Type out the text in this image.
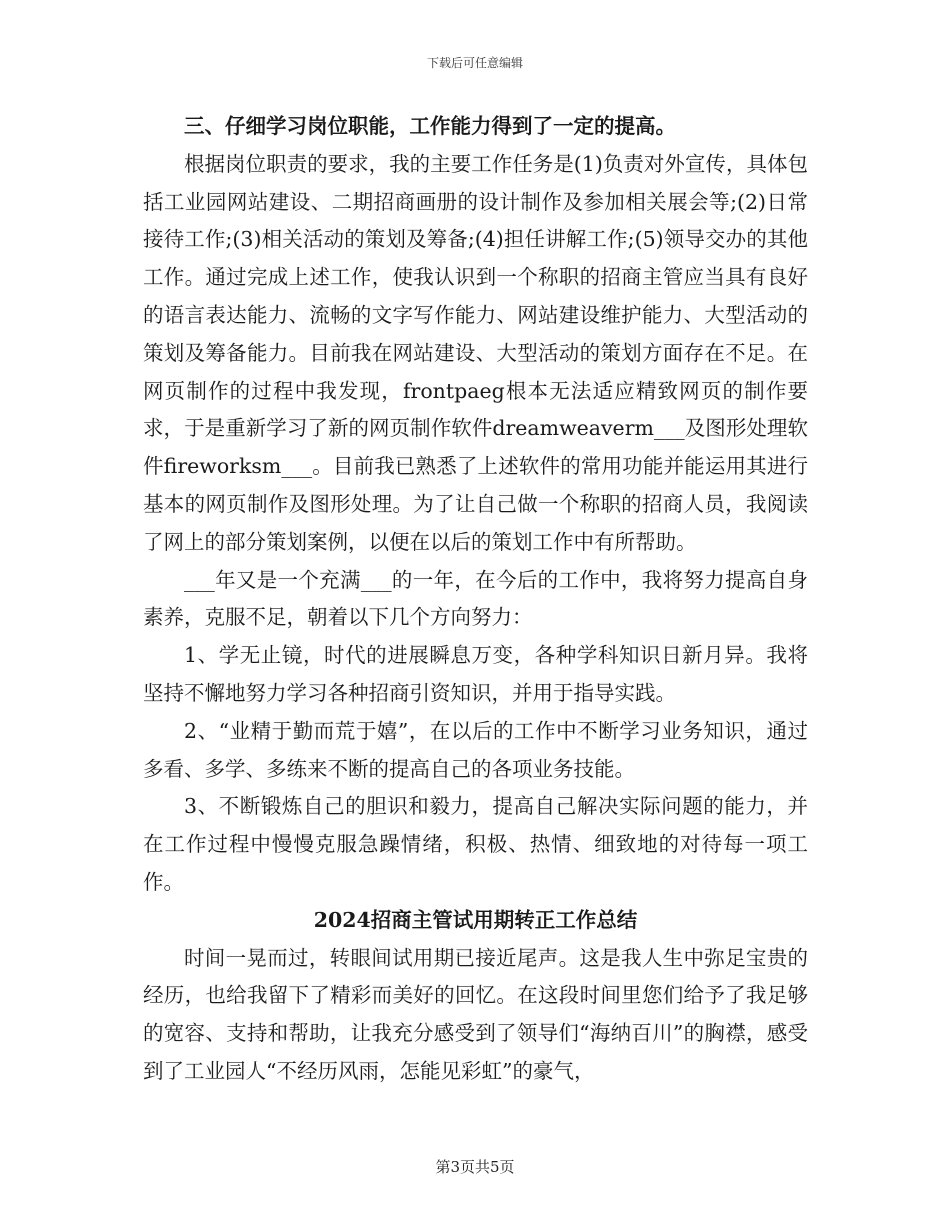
下载后可任意编辑

三、仔细学习岗位职能，工作能力得到了一定的提高。

根据岗位职责的要求，我的主要工作任务是(1)负责对外宣传，具体包括工业园网站建设、二期招商画册的设计制作及参加相关展会等;(2)日常接待工作;(3)相关活动的策划及筹备;(4)担任讲解工作;(5)领导交办的其他工作。通过完成上述工作，使我认识到一个称职的招商主管应当具有良好的语言表达能力、流畅的文字写作能力、网站建设维护能力、大型活动的策划及筹备能力。目前我在网站建设、大型活动的策划方面存在不足。在网页制作的过程中我发现，frontpaeg根本无法适应精致网页的制作要求，于是重新学习了新的网页制作软件dreamweaverm___及图形处理软件fireworksm___。目前我已熟悉了上述软件的常用功能并能运用其进行基本的网页制作及图形处理。为了让自己做一个称职的招商人员，我阅读了网上的部分策划案例，以便在以后的策划工作中有所帮助。

___年又是一个充满___的一年，在今后的工作中，我将努力提高自身素养，克服不足，朝着以下几个方向努力：

1、学无止镜，时代的进展瞬息万变，各种学科知识日新月异。我将坚持不懈地努力学习各种招商引资知识，并用于指导实践。

2、“业精于勤而荒于嬉”，在以后的工作中不断学习业务知识，通过多看、多学、多练来不断的提高自己的各项业务技能。

3、不断锻炼自己的胆识和毅力，提高自己解决实际问题的能力，并在工作过程中慢慢克服急躁情绪，积极、热情、细致地的对待每一项工作。

2024招商主管试用期转正工作总结

时间一晃而过，转眼间试用期已接近尾声。这是我人生中弥足宝贵的经历，也给我留下了精彩而美好的回忆。在这段时间里您们给予了我足够的宽容、支持和帮助，让我充分感受到了领导们“海纳百川”的胸襟，感受到了工业园人“不经历风雨，怎能见彩虹”的豪气，

第3页共5页
